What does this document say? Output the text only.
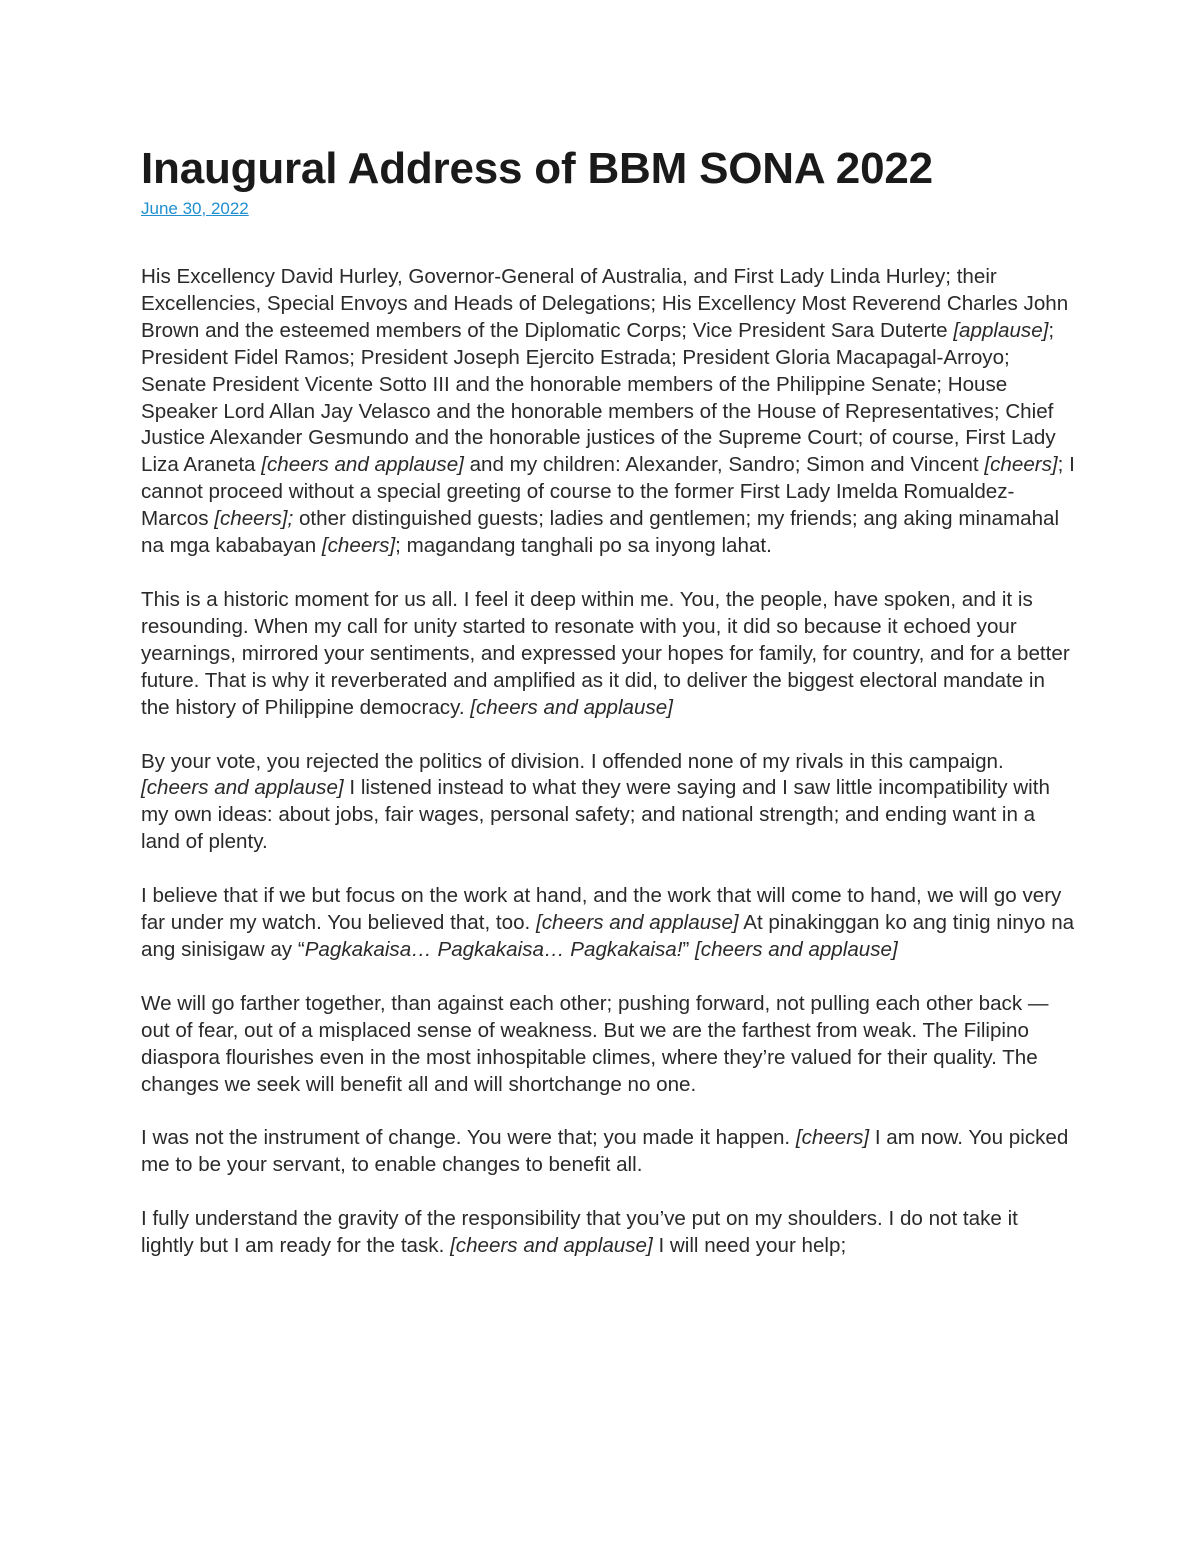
Inaugural Address of BBM SONA 2022
June 30, 2022

His Excellency David Hurley, Governor-General of Australia, and First Lady Linda Hurley; their Excellencies, Special Envoys and Heads of Delegations; His Excellency Most Reverend Charles John Brown and the esteemed members of the Diplomatic Corps; Vice President Sara Duterte [applause]; President Fidel Ramos; President Joseph Ejercito Estrada; President Gloria Macapagal-Arroyo; Senate President Vicente Sotto III and the honorable members of the Philippine Senate; House Speaker Lord Allan Jay Velasco and the honorable members of the House of Representatives; Chief Justice Alexander Gesmundo and the honorable justices of the Supreme Court; of course, First Lady Liza Araneta [cheers and applause] and my children: Alexander, Sandro; Simon and Vincent [cheers]; I cannot proceed without a special greeting of course to the former First Lady Imelda Romualdez-Marcos [cheers]; other distinguished guests; ladies and gentlemen; my friends; ang aking minamahal na mga kababayan [cheers]; magandang tanghali po sa inyong lahat.

This is a historic moment for us all. I feel it deep within me. You, the people, have spoken, and it is resounding. When my call for unity started to resonate with you, it did so because it echoed your yearnings, mirrored your sentiments, and expressed your hopes for family, for country, and for a better future. That is why it reverberated and amplified as it did, to deliver the biggest electoral mandate in the history of Philippine democracy. [cheers and applause]

By your vote, you rejected the politics of division. I offended none of my rivals in this campaign. [cheers and applause] I listened instead to what they were saying and I saw little incompatibility with my own ideas: about jobs, fair wages, personal safety; and national strength; and ending want in a land of plenty.

I believe that if we but focus on the work at hand, and the work that will come to hand, we will go very far under my watch. You believed that, too. [cheers and applause] At pinakinggan ko ang tinig ninyo na ang sinisigaw ay “Pagkakaisa… Pagkakaisa… Pagkakaisa!” [cheers and applause]

We will go farther together, than against each other; pushing forward, not pulling each other back — out of fear, out of a misplaced sense of weakness. But we are the farthest from weak. The Filipino diaspora flourishes even in the most inhospitable climes, where they’re valued for their quality. The changes we seek will benefit all and will shortchange no one.

I was not the instrument of change. You were that; you made it happen. [cheers] I am now. You picked me to be your servant, to enable changes to benefit all.

I fully understand the gravity of the responsibility that you’ve put on my shoulders. I do not take it lightly but I am ready for the task. [cheers and applause] I will need your help;
